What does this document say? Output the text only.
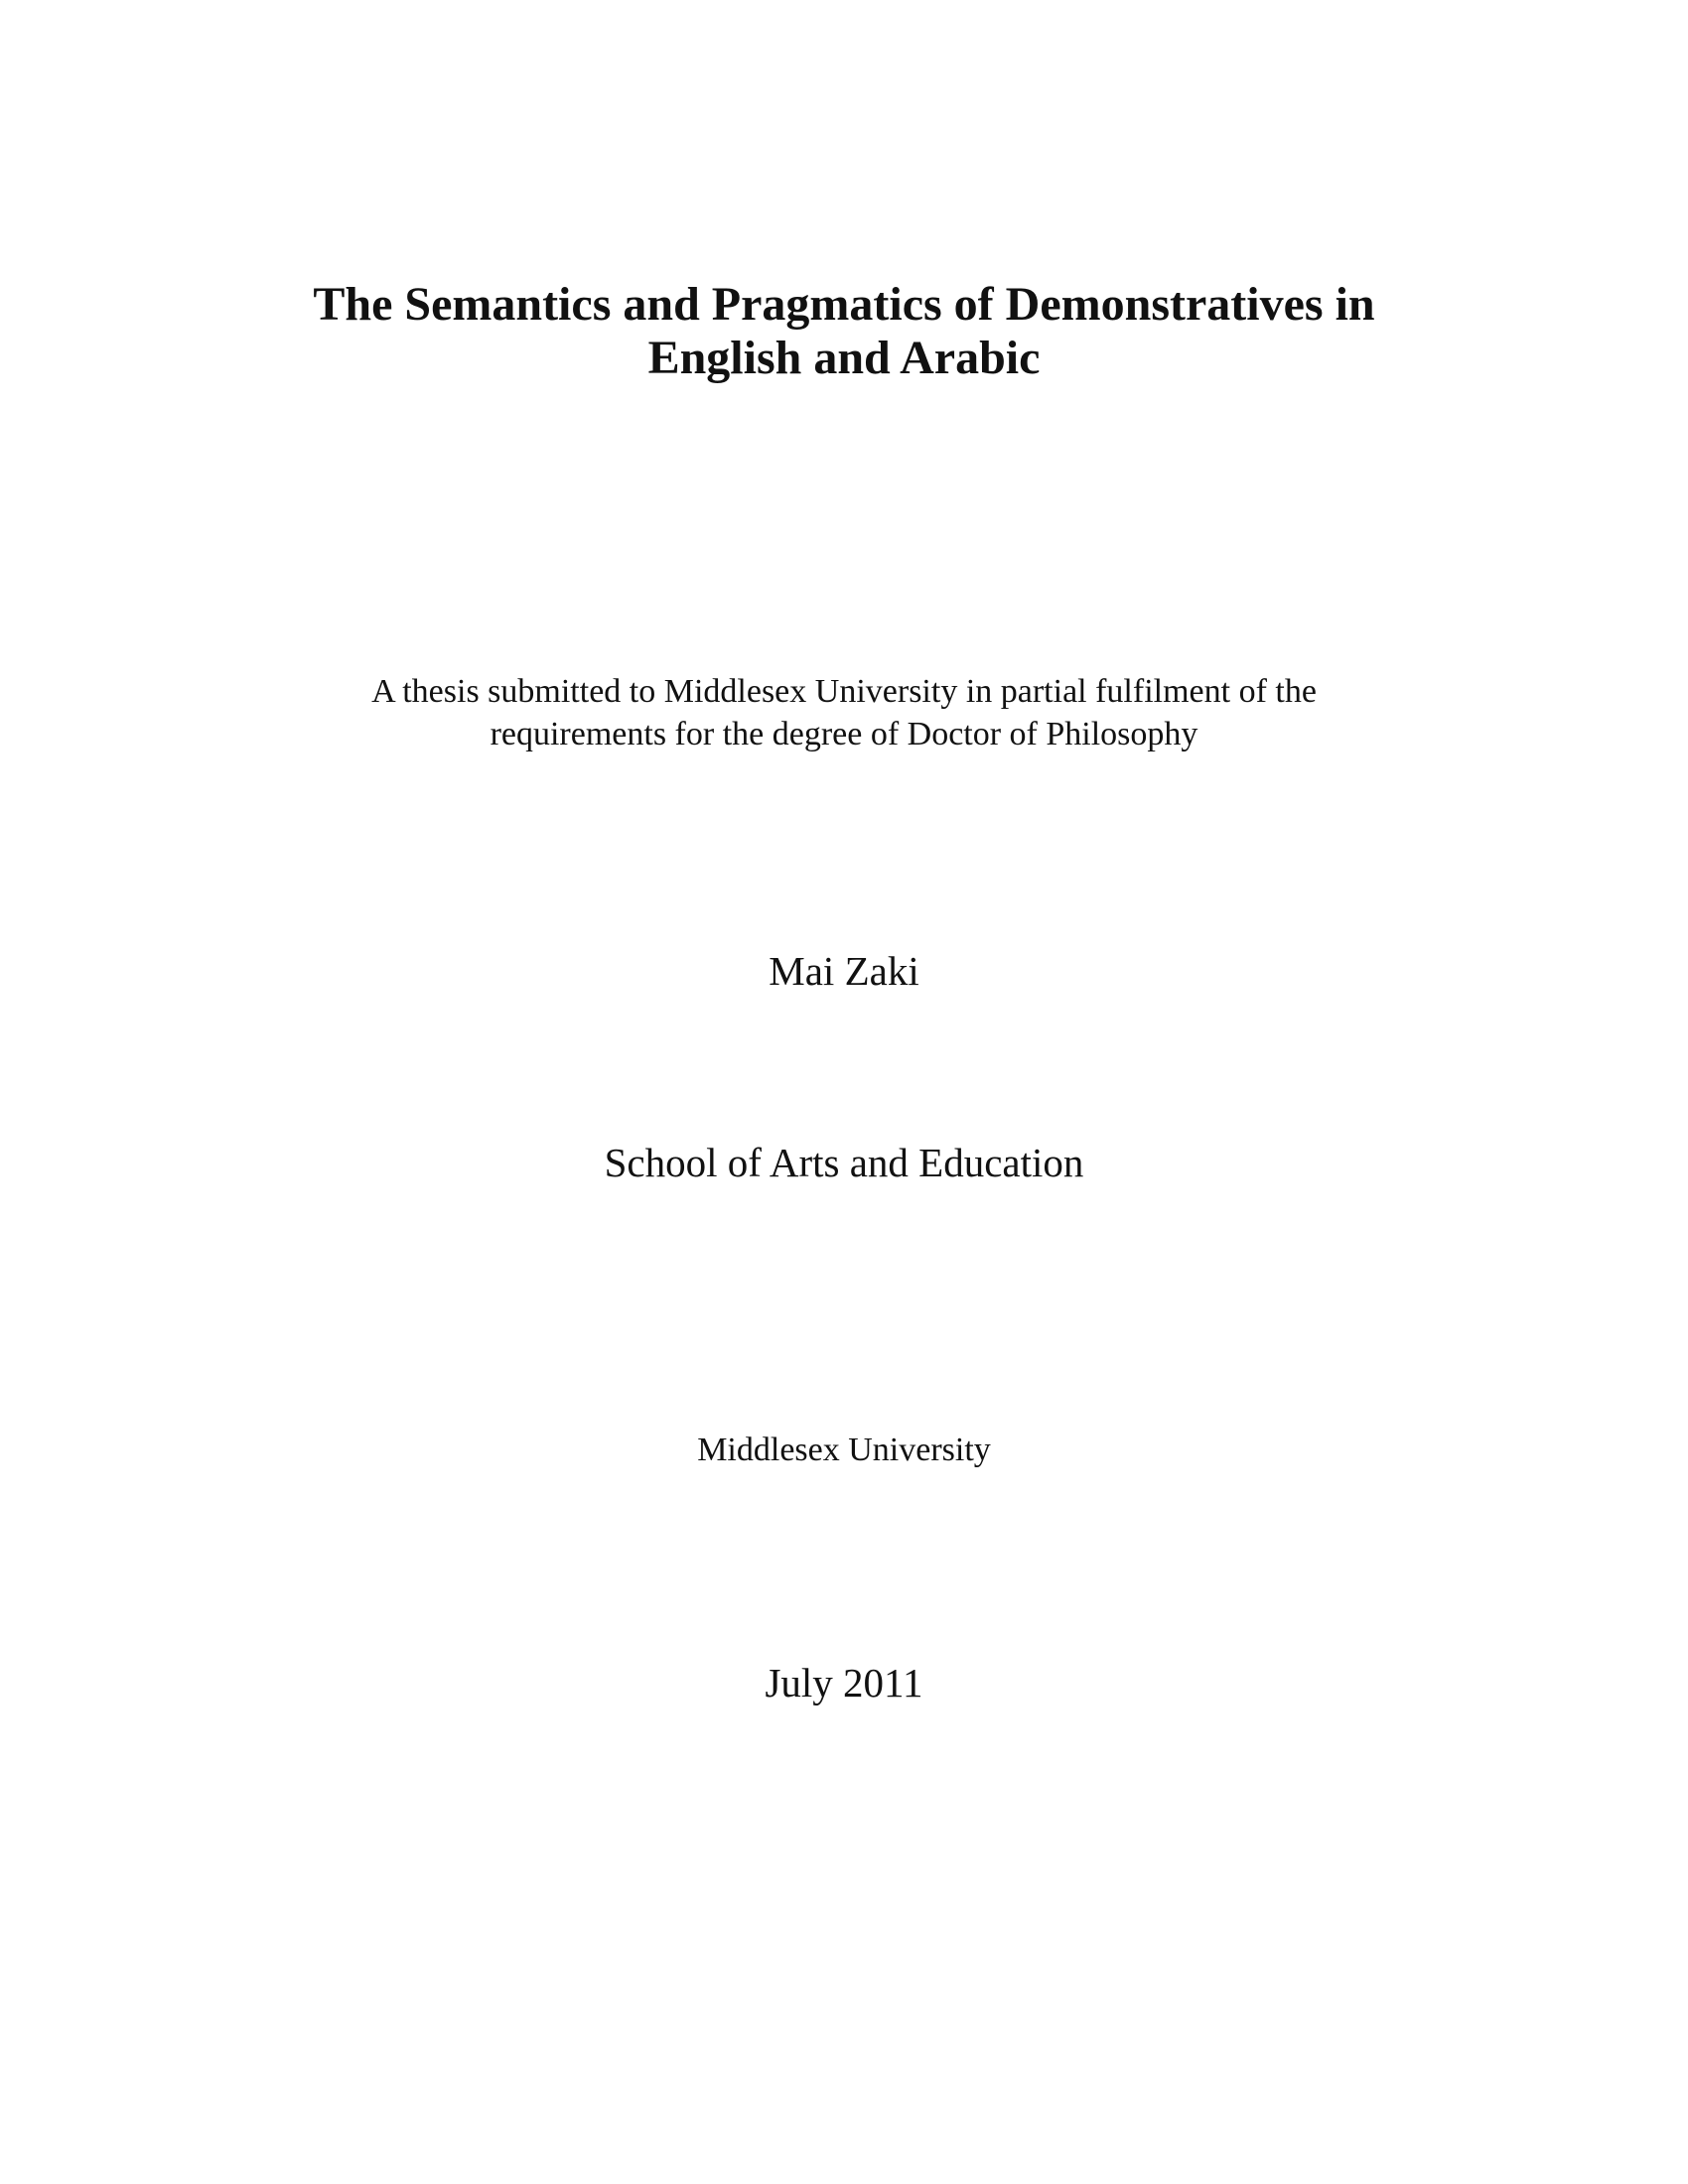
The Semantics and Pragmatics of Demonstratives in
English and Arabic
A thesis submitted to Middlesex University in partial fulfilment of the
requirements for the degree of Doctor of Philosophy
Mai Zaki
School of Arts and Education
Middlesex University
July 2011
